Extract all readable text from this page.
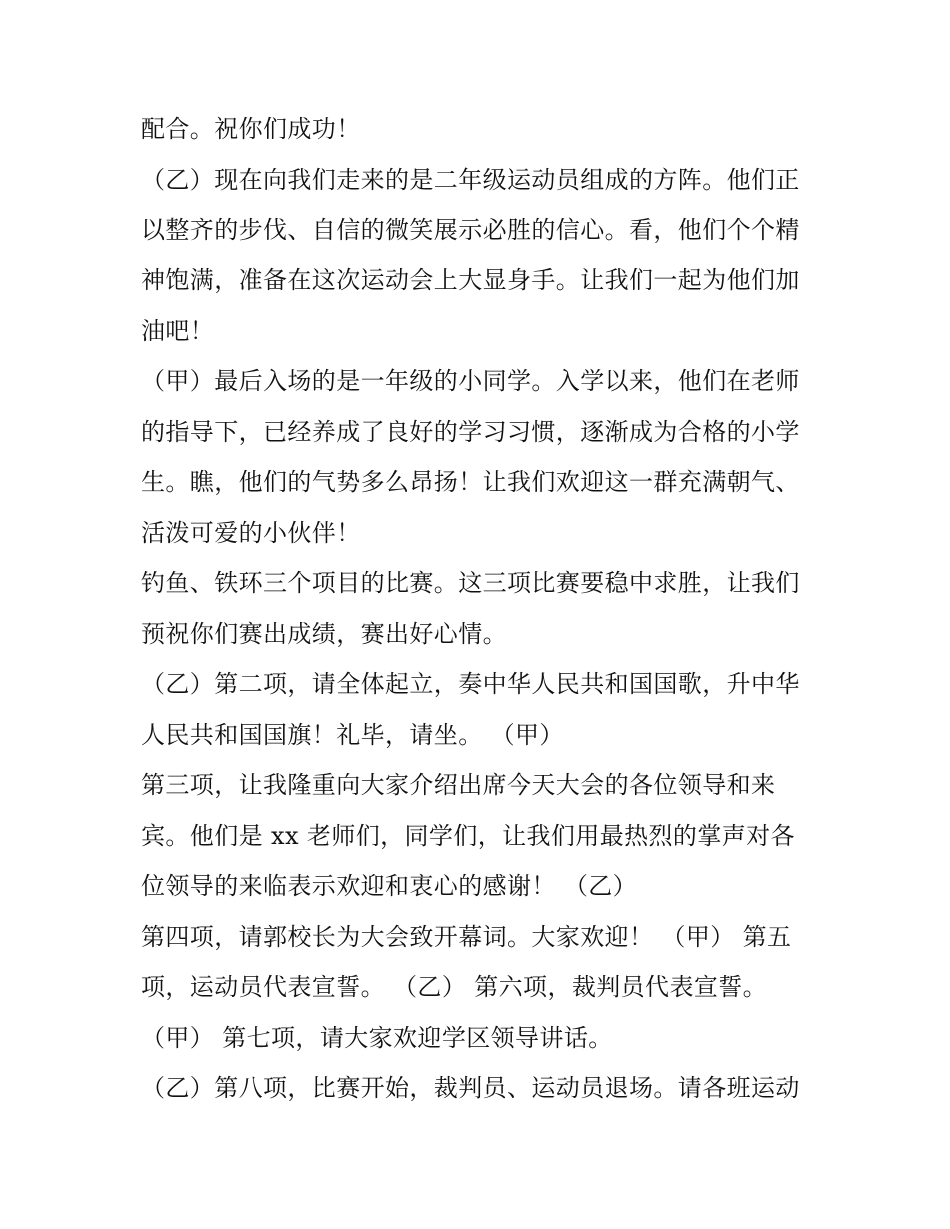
配合。祝你们成功！
（乙）现在向我们走来的是二年级运动员组成的方阵。他们正
以整齐的步伐、自信的微笑展示必胜的信心。看，他们个个精
神饱满，准备在这次运动会上大显身手。让我们一起为他们加
油吧！
（甲）最后入场的是一年级的小同学。入学以来，他们在老师
的指导下，已经养成了良好的学习习惯，逐渐成为合格的小学
生。瞧，他们的气势多么昂扬！让我们欢迎这一群充满朝气、
活泼可爱的小伙伴！
钓鱼、铁环三个项目的比赛。这三项比赛要稳中求胜，让我们
预祝你们赛出成绩，赛出好心情。
（乙）第二项，请全体起立，奏中华人民共和国国歌，升中华
人民共和国国旗！礼毕，请坐。 （甲）
第三项，让我隆重向大家介绍出席今天大会的各位领导和来
宾。他们是 xx 老师们，同学们，让我们用最热烈的掌声对各
位领导的来临表示欢迎和衷心的感谢！ （乙）
第四项，请郭校长为大会致开幕词。大家欢迎！ （甲） 第五
项，运动员代表宣誓。 （乙） 第六项，裁判员代表宣誓。
（甲） 第七项，请大家欢迎学区领导讲话。
（乙）第八项，比赛开始，裁判员、运动员退场。请各班运动
